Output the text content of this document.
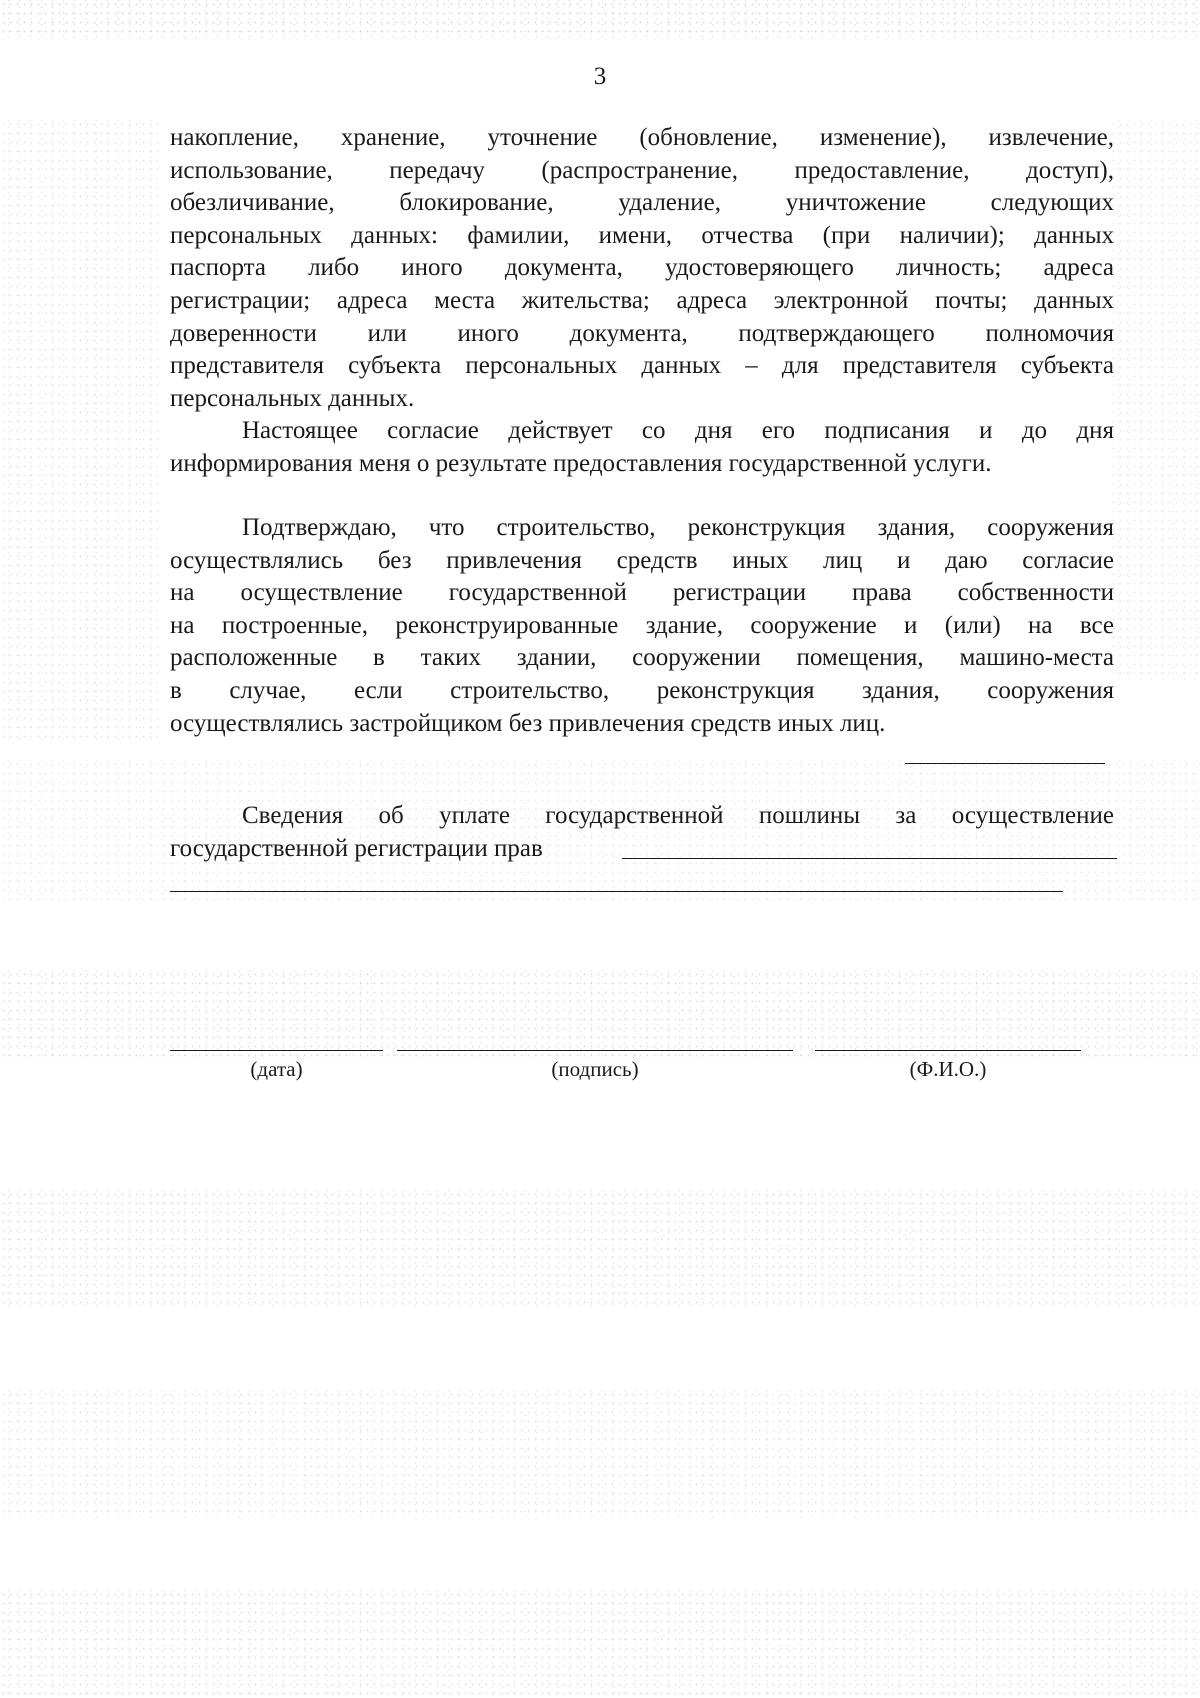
3
накопление, хранение, уточнение (обновление, изменение), извлечение,
использование, передачу (распространение, предоставление, доступ),
обезличивание, блокирование, удаление, уничтожение следующих
персональных данных: фамилии, имени, отчества (при наличии); данных
паспорта либо иного документа, удостоверяющего личность; адреса
регистрации; адреса места жительства; адреса электронной почты; данных
доверенности или иного документа, подтверждающего полномочия
представителя субъекта персональных данных – для представителя субъекта
персональных данных.
Настоящее согласие действует со дня его подписания и до дня
информирования меня о результате предоставления государственной услуги.
Подтверждаю, что строительство, реконструкция здания, сооружения
осуществлялись без привлечения средств иных лиц и даю согласие
на осуществление государственной регистрации права собственности
на построенные, реконструированные здание, сооружение и (или) на все
расположенные в таких здании, сооружении помещения, машино-места
в случае, если строительство, реконструкция здания, сооружения
осуществлялись застройщиком без привлечения средств иных лиц.
Сведения об уплате государственной пошлины за осуществление
государственной регистрации прав
(дата)	(подпись)	(Ф.И.О.)
